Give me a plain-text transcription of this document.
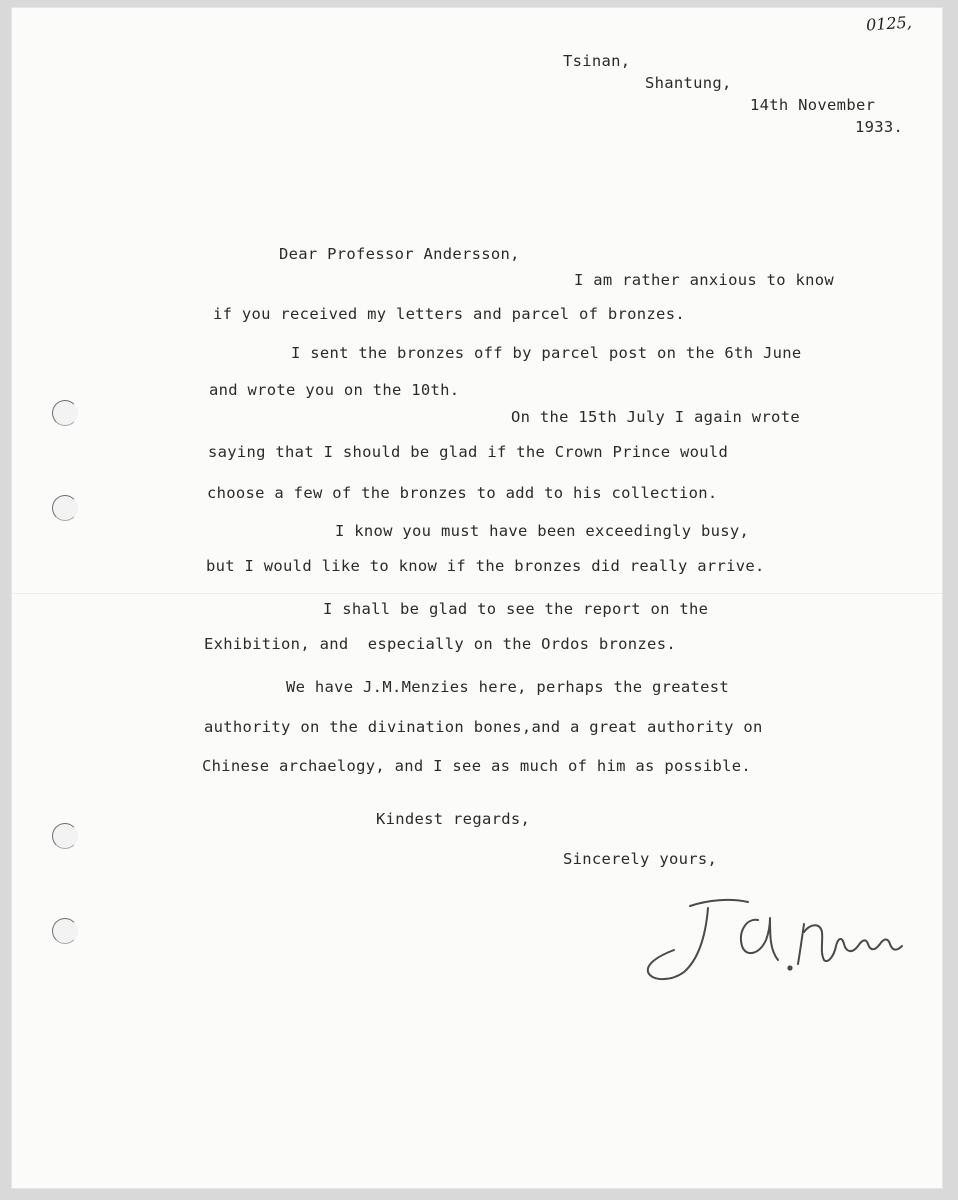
0125,
Tsinan,
Shantung,
14th November
1933.
Dear Professor Andersson,
I am rather anxious to know
if you received my letters and parcel of bronzes.
I sent the bronzes off by parcel post on the 6th June
and wrote you on the 10th.
On the 15th July I again wrote
saying that I should be glad if the Crown Prince would
choose a few of the bronzes to add to his collection.
I know you must have been exceedingly busy,
but I would like to know if the bronzes did really arrive.
I shall be glad to see the report on the
Exhibition, and  especially on the Ordos bronzes.
We have J.M.Menzies here, perhaps the greatest
authority on the divination bones,and a great authority on
Chinese archaelogy, and I see as much of him as possible.
Kindest regards,
Sincerely yours,
